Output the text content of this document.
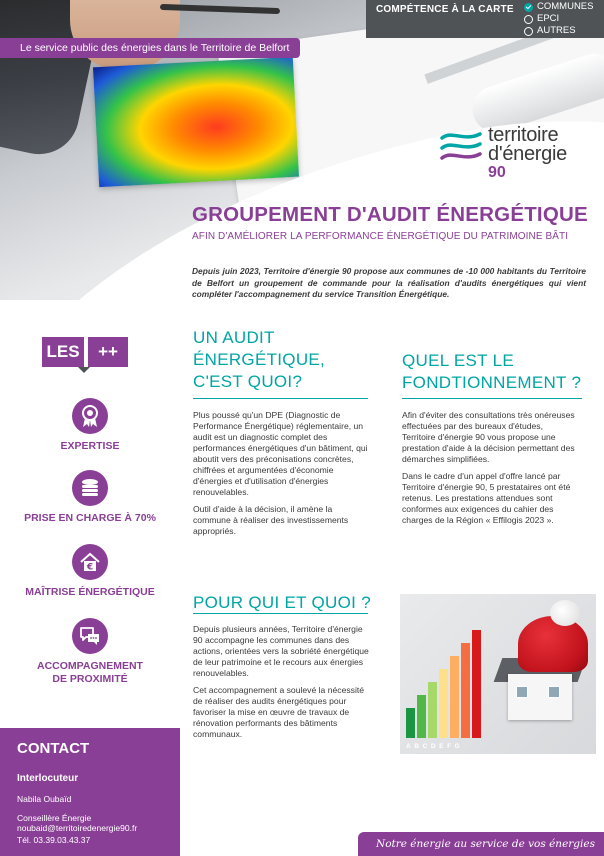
Le service public des énergies dans le Territoire de Belfort
COMPÉTENCE À LA CARTE COMMUNES
EPCI
AUTRES
territoire
d'énergie
90
GROUPEMENT D'AUDIT ÉNERGÉTIQUE
AFIN D'AMÉLIORER LA PERFORMANCE ÉNERGÉTIQUE DU PATRIMOINE BÂTI
Depuis juin 2023, Territoire d'énergie 90 propose aux communes de -10 000 habitants du Territoire de Belfort un groupement de commande pour la réalisation d'audits énergétiques qui vient compléter l'accompagnement du service Transition Énergétique.
LES	++
EXPERTISE
PRISE EN CHARGE À 70%
€
MAÎTRISE ÉNERGÉTIQUE
ACCOMPAGNEMENT DE PROXIMITÉ
CONTACT
Interlocuteur
Nabila Oubaïd
Conseillère Énergie
noubaid@territoiredenergie90.fr
Tél. 03.39.03.43.37
UN AUDIT
ÉNERGÉTIQUE,
C'EST QUOI?

Plus poussé qu'un DPE (Diagnostic de Performance Énergétique) réglementaire, un audit est un diagnostic complet des performances énergétiques d'un bâtiment, qui aboutit vers des préconisations concrètes, chiffrées et argumentées d'économie d'énergies et d'utilisation d'énergies renouvelables.

Outil d'aide à la décision, il amène la commune à réaliser des investissements appropriés.

QUEL EST LE
FONDTIONNEMENT ?

Afin d'éviter des consultations très onéreuses effectuées par des bureaux d'études, Territoire d'énergie 90 vous propose une prestation d'aide à la décision permettant des démarches simplifiées.

Dans le cadre d'un appel d'offre lancé par Territoire d'énergie 90, 5 prestataires ont été retenus. Les prestations attendues sont conformes aux exigences du cahier des charges de la Région « Effilogis 2023 ».

POUR QUI ET QUOI ?

Depuis plusieurs années, Territoire d'énergie 90 accompagne les communes dans des actions, orientées vers la sobriété énergétique de leur patrimoine et le recours aux énergies renouvelables.

Cet accompagnement a soulevé la nécessité de réaliser des audits énergétiques pour favoriser la mise en œuvre de travaux de rénovation performants des bâtiments communaux.

ABCDEFG
Notre énergie au service de vos énergies
